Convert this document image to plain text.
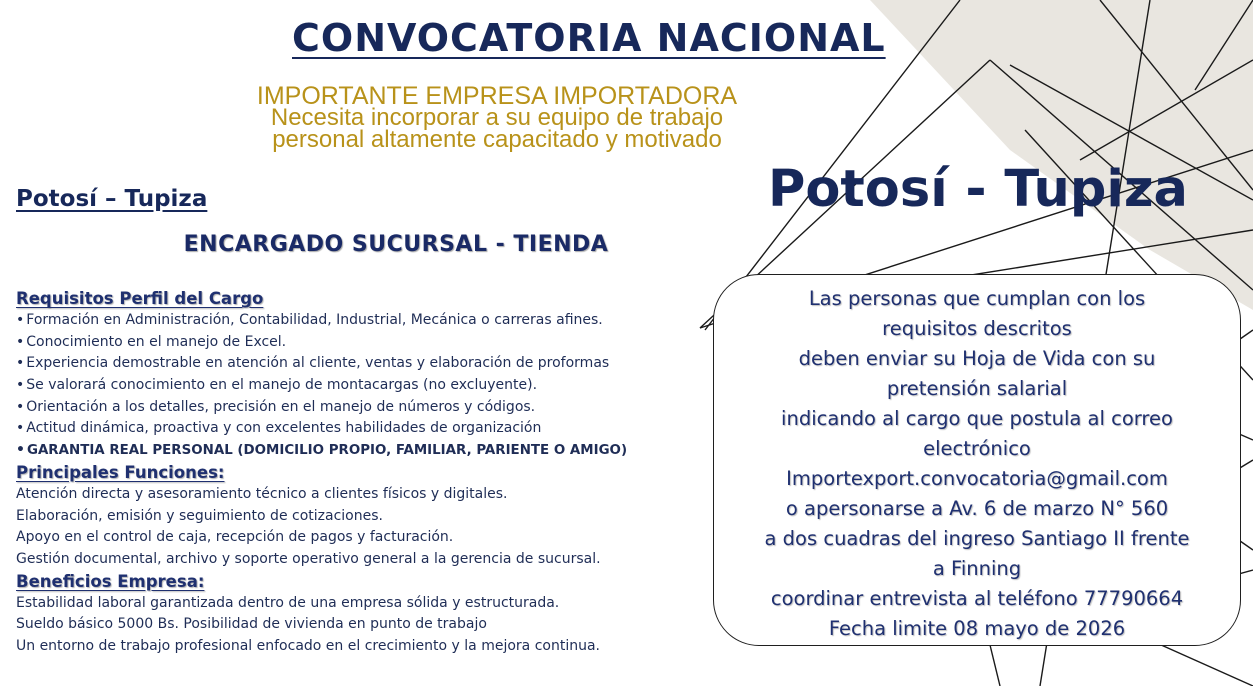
CONVOCATORIA NACIONAL
IMPORTANTE EMPRESA IMPORTADORA
Necesita incorporar a su equipo de trabajo
personal altamente capacitado y motivado
Potosí – Tupiza	Potosí - Tupiza
ENCARGADO SUCURSAL - TIENDA
Requisitos Perfil del Cargo
• Formación en Administración, Contabilidad, Industrial, Mecánica o carreras afines.
• Conocimiento en el manejo de Excel.
• Experiencia demostrable en atención al cliente, ventas y elaboración de proformas
• Se valorará conocimiento en el manejo de montacargas (no excluyente).
• Orientación a los detalles, precisión en el manejo de números y códigos.
• Actitud dinámica, proactiva y con excelentes habilidades de organización
• GARANTIA REAL PERSONAL (DOMICILIO PROPIO, FAMILIAR, PARIENTE O AMIGO)
Principales Funciones:
Atención directa y asesoramiento técnico a clientes físicos y digitales.
Elaboración, emisión y seguimiento de cotizaciones.
Apoyo en el control de caja, recepción de pagos y facturación.
Gestión documental, archivo y soporte operativo general a la gerencia de sucursal.
Beneficios Empresa:
Estabilidad laboral garantizada dentro de una empresa sólida y estructurada.
Sueldo básico 5000 Bs. Posibilidad de vivienda en punto de trabajo
Un entorno de trabajo profesional enfocado en el crecimiento y la mejora continua.
Las personas que cumplan con los
requisitos descritos
deben enviar su Hoja de Vida con su
pretensión salarial
indicando al cargo que postula al correo
electrónico
Importexport.convocatoria@gmail.com
o apersonarse a Av. 6 de marzo N° 560
a dos cuadras del ingreso Santiago II frente
a Finning
coordinar entrevista al teléfono 77790664
Fecha limite 08 mayo de 2026
